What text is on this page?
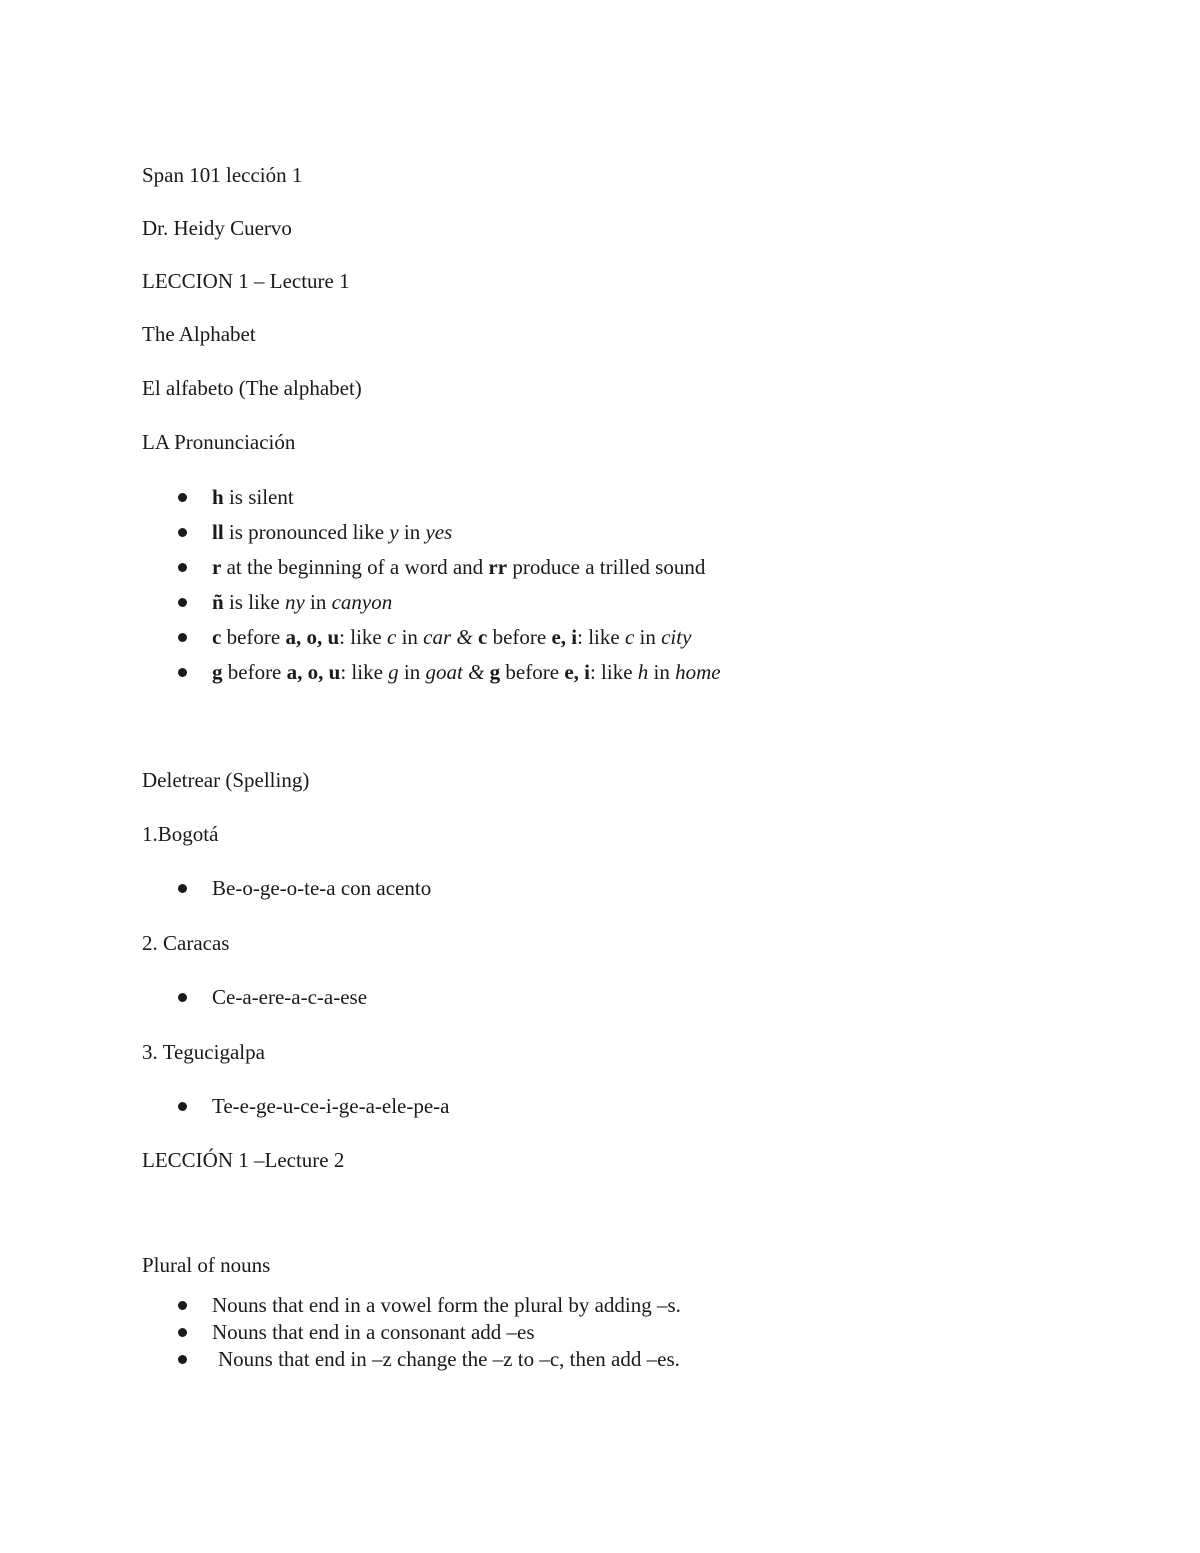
Span 101 lección 1
Dr. Heidy Cuervo
LECCION 1 – Lecture 1
The Alphabet
El alfabeto (The alphabet)
LA Pronunciación
h is silent
ll is pronounced like y in yes
r at the beginning of a word and rr produce a trilled sound
ñ is like ny in canyon
c before a, o, u: like c in car & c before e, i: like c in city
g before a, o, u: like g in goat & g before e, i: like h in home
Deletrear (Spelling)
1.Bogotá
Be-o-ge-o-te-a con acento
2. Caracas
Ce-a-ere-a-c-a-ese
3. Tegucigalpa
Te-e-ge-u-ce-i-ge-a-ele-pe-a
LECCIÓN 1 –Lecture 2
Plural of nouns
Nouns that end in a vowel form the plural by adding –s.
Nouns that end in a consonant add –es
Nouns that end in –z change the –z to –c, then add –es.
